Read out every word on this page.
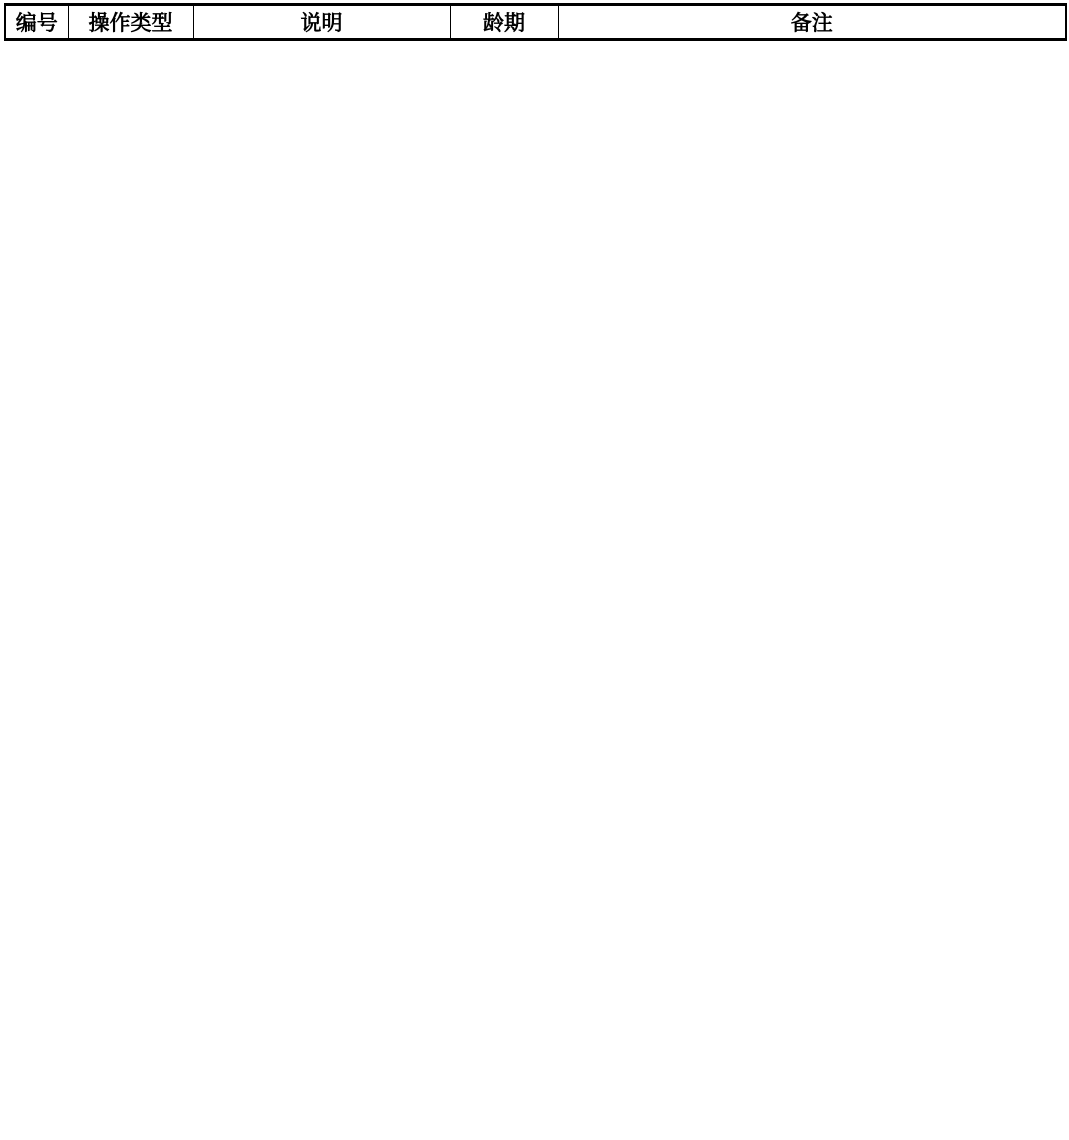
编号	操作类型	说明	龄期	备注
